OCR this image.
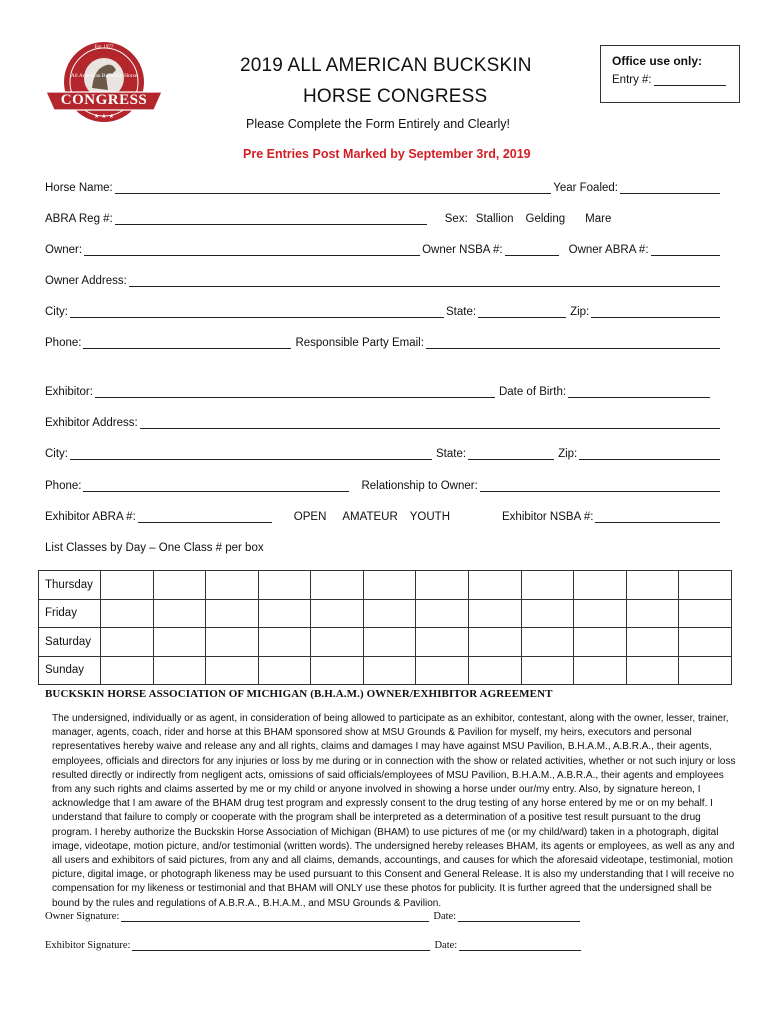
★ ★ ★
Est. 1977
All American Buckskin Horse
CONGRESS
2019 ALL AMERICAN BUCKSKIN
HORSE CONGRESS
Please Complete the Form Entirely and Clearly!
Pre Entries Post Marked by September 3rd, 2019
Office use only:
Entry #:
Horse Name:	Year Foaled:
ABRA Reg #:	Sex: Stallion Gelding Mare
Owner:	Owner NSBA #:	Owner ABRA #:
Owner Address:
City:	State:	Zip:
Phone:	Responsible Party Email:
Exhibitor:	Date of Birth:
Exhibitor Address:
City:	State:	Zip:
Phone:	Relationship to Owner:
Exhibitor ABRA #:	OPEN AMATEUR YOUTH	Exhibitor NSBA #:
List Classes by Day – One Class # per box
Thursday												
Friday												
Saturday												
Sunday												
BUCKSKIN HORSE ASSOCIATION OF MICHIGAN (B.H.A.M.) OWNER/EXHIBITOR AGREEMENT
The undersigned, individually or as agent, in consideration of being allowed to participate as an exhibitor, contestant, along with the owner, lesser, trainer, manager, agents, coach, rider and horse at this BHAM sponsored show at MSU Grounds & Pavilion for myself, my heirs, executors and personal representatives hereby waive and release any and all rights, claims and damages I may have against MSU Pavilion, B.H.A.M., A.B.R.A., their agents, employees, officials and directors for any injuries or loss by me during or in connection with the show or related activities, whether or not such injury or loss resulted directly or indirectly from negligent acts, omissions of said officials/employees of MSU Pavilion, B.H.A.M., A.B.R.A., their agents and employees from any such rights and claims asserted by me or my child or anyone involved in showing a horse under our/my entry. Also, by signature hereon, I acknowledge that I am aware of the BHAM drug test program and expressly consent to the drug testing of any horse entered by me or on my behalf. I understand that failure to comply or cooperate with the program shall be interpreted as a determination of a positive test result pursuant to the drug program. I hereby authorize the Buckskin Horse Association of Michigan (BHAM) to use pictures of me (or my child/ward) taken in a photograph, digital image, videotape, motion picture, and/or testimonial (written words). The undersigned hereby releases BHAM, its agents or employees, as well as any and all users and exhibitors of said pictures, from any and all claims, demands, accountings, and causes for which the aforesaid videotape, testimonial, motion picture, digital image, or photograph likeness may be used pursuant to this Consent and General Release. It is also my understanding that I will receive no compensation for my likeness or testimonial and that BHAM will ONLY use these photos for publicity. It is further agreed that the undersigned shall be bound by the rules and regulations of A.B.R.A., B.H.A.M., and MSU Grounds & Pavilion.
Owner Signature:	Date:
Exhibitor Signature:	Date:
